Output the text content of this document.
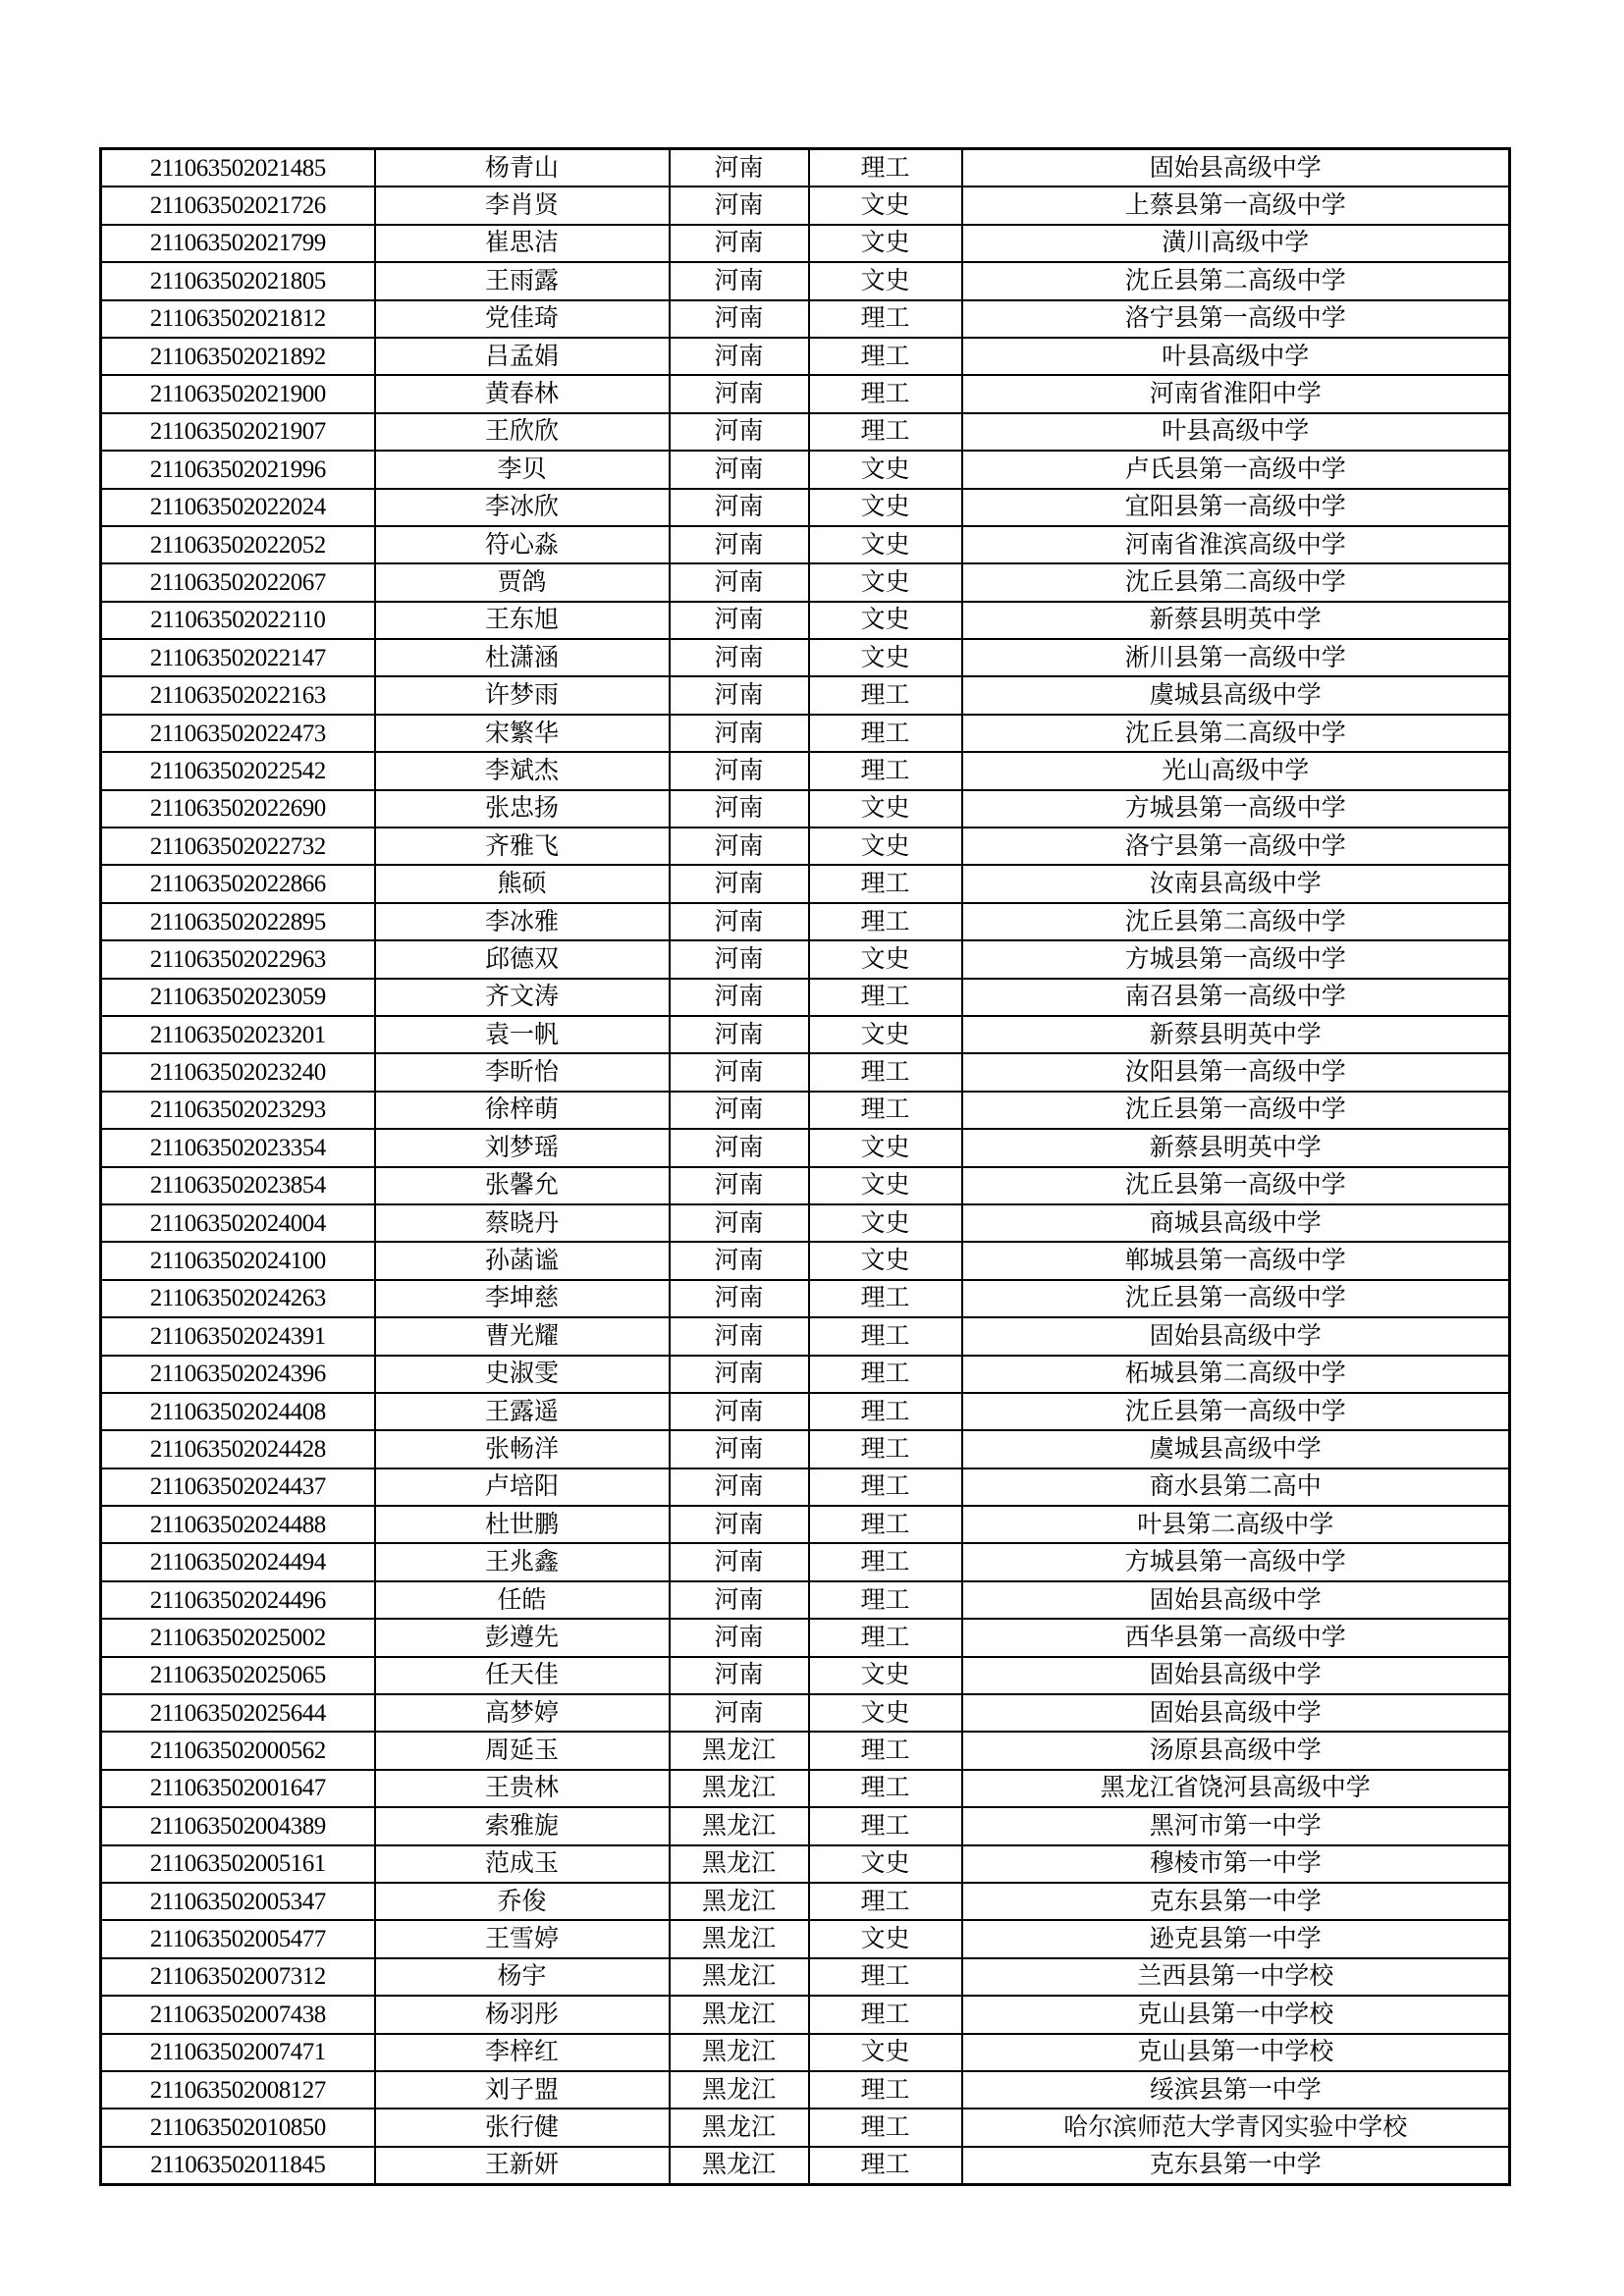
211063502021485	杨青山	河南	理工	固始县高级中学
211063502021726	李肖贤	河南	文史	上蔡县第一高级中学
211063502021799	崔思洁	河南	文史	潢川高级中学
211063502021805	王雨露	河南	文史	沈丘县第二高级中学
211063502021812	党佳琦	河南	理工	洛宁县第一高级中学
211063502021892	吕孟娟	河南	理工	叶县高级中学
211063502021900	黄春林	河南	理工	河南省淮阳中学
211063502021907	王欣欣	河南	理工	叶县高级中学
211063502021996	李贝	河南	文史	卢氏县第一高级中学
211063502022024	李冰欣	河南	文史	宜阳县第一高级中学
211063502022052	符心淼	河南	文史	河南省淮滨高级中学
211063502022067	贾鸽	河南	文史	沈丘县第二高级中学
211063502022110	王东旭	河南	文史	新蔡县明英中学
211063502022147	杜潇涵	河南	文史	淅川县第一高级中学
211063502022163	许梦雨	河南	理工	虞城县高级中学
211063502022473	宋繁华	河南	理工	沈丘县第二高级中学
211063502022542	李斌杰	河南	理工	光山高级中学
211063502022690	张忠扬	河南	文史	方城县第一高级中学
211063502022732	齐雅飞	河南	文史	洛宁县第一高级中学
211063502022866	熊硕	河南	理工	汝南县高级中学
211063502022895	李冰雅	河南	理工	沈丘县第二高级中学
211063502022963	邱德双	河南	文史	方城县第一高级中学
211063502023059	齐文涛	河南	理工	南召县第一高级中学
211063502023201	袁一帆	河南	文史	新蔡县明英中学
211063502023240	李昕怡	河南	理工	汝阳县第一高级中学
211063502023293	徐梓萌	河南	理工	沈丘县第一高级中学
211063502023354	刘梦瑶	河南	文史	新蔡县明英中学
211063502023854	张馨允	河南	文史	沈丘县第一高级中学
211063502024004	蔡晓丹	河南	文史	商城县高级中学
211063502024100	孙菡谧	河南	文史	郸城县第一高级中学
211063502024263	李坤慈	河南	理工	沈丘县第一高级中学
211063502024391	曹光耀	河南	理工	固始县高级中学
211063502024396	史淑雯	河南	理工	柘城县第二高级中学
211063502024408	王露遥	河南	理工	沈丘县第一高级中学
211063502024428	张畅洋	河南	理工	虞城县高级中学
211063502024437	卢培阳	河南	理工	商水县第二高中
211063502024488	杜世鹏	河南	理工	叶县第二高级中学
211063502024494	王兆鑫	河南	理工	方城县第一高级中学
211063502024496	任皓	河南	理工	固始县高级中学
211063502025002	彭遵先	河南	理工	西华县第一高级中学
211063502025065	任天佳	河南	文史	固始县高级中学
211063502025644	高梦婷	河南	文史	固始县高级中学
211063502000562	周延玉	黑龙江	理工	汤原县高级中学
211063502001647	王贵林	黑龙江	理工	黑龙江省饶河县高级中学
211063502004389	索雅旎	黑龙江	理工	黑河市第一中学
211063502005161	范成玉	黑龙江	文史	穆棱市第一中学
211063502005347	乔俊	黑龙江	理工	克东县第一中学
211063502005477	王雪婷	黑龙江	文史	逊克县第一中学
211063502007312	杨宇	黑龙江	理工	兰西县第一中学校
211063502007438	杨羽彤	黑龙江	理工	克山县第一中学校
211063502007471	李梓红	黑龙江	文史	克山县第一中学校
211063502008127	刘子盟	黑龙江	理工	绥滨县第一中学
211063502010850	张行健	黑龙江	理工	哈尔滨师范大学青冈实验中学校
211063502011845	王新妍	黑龙江	理工	克东县第一中学
